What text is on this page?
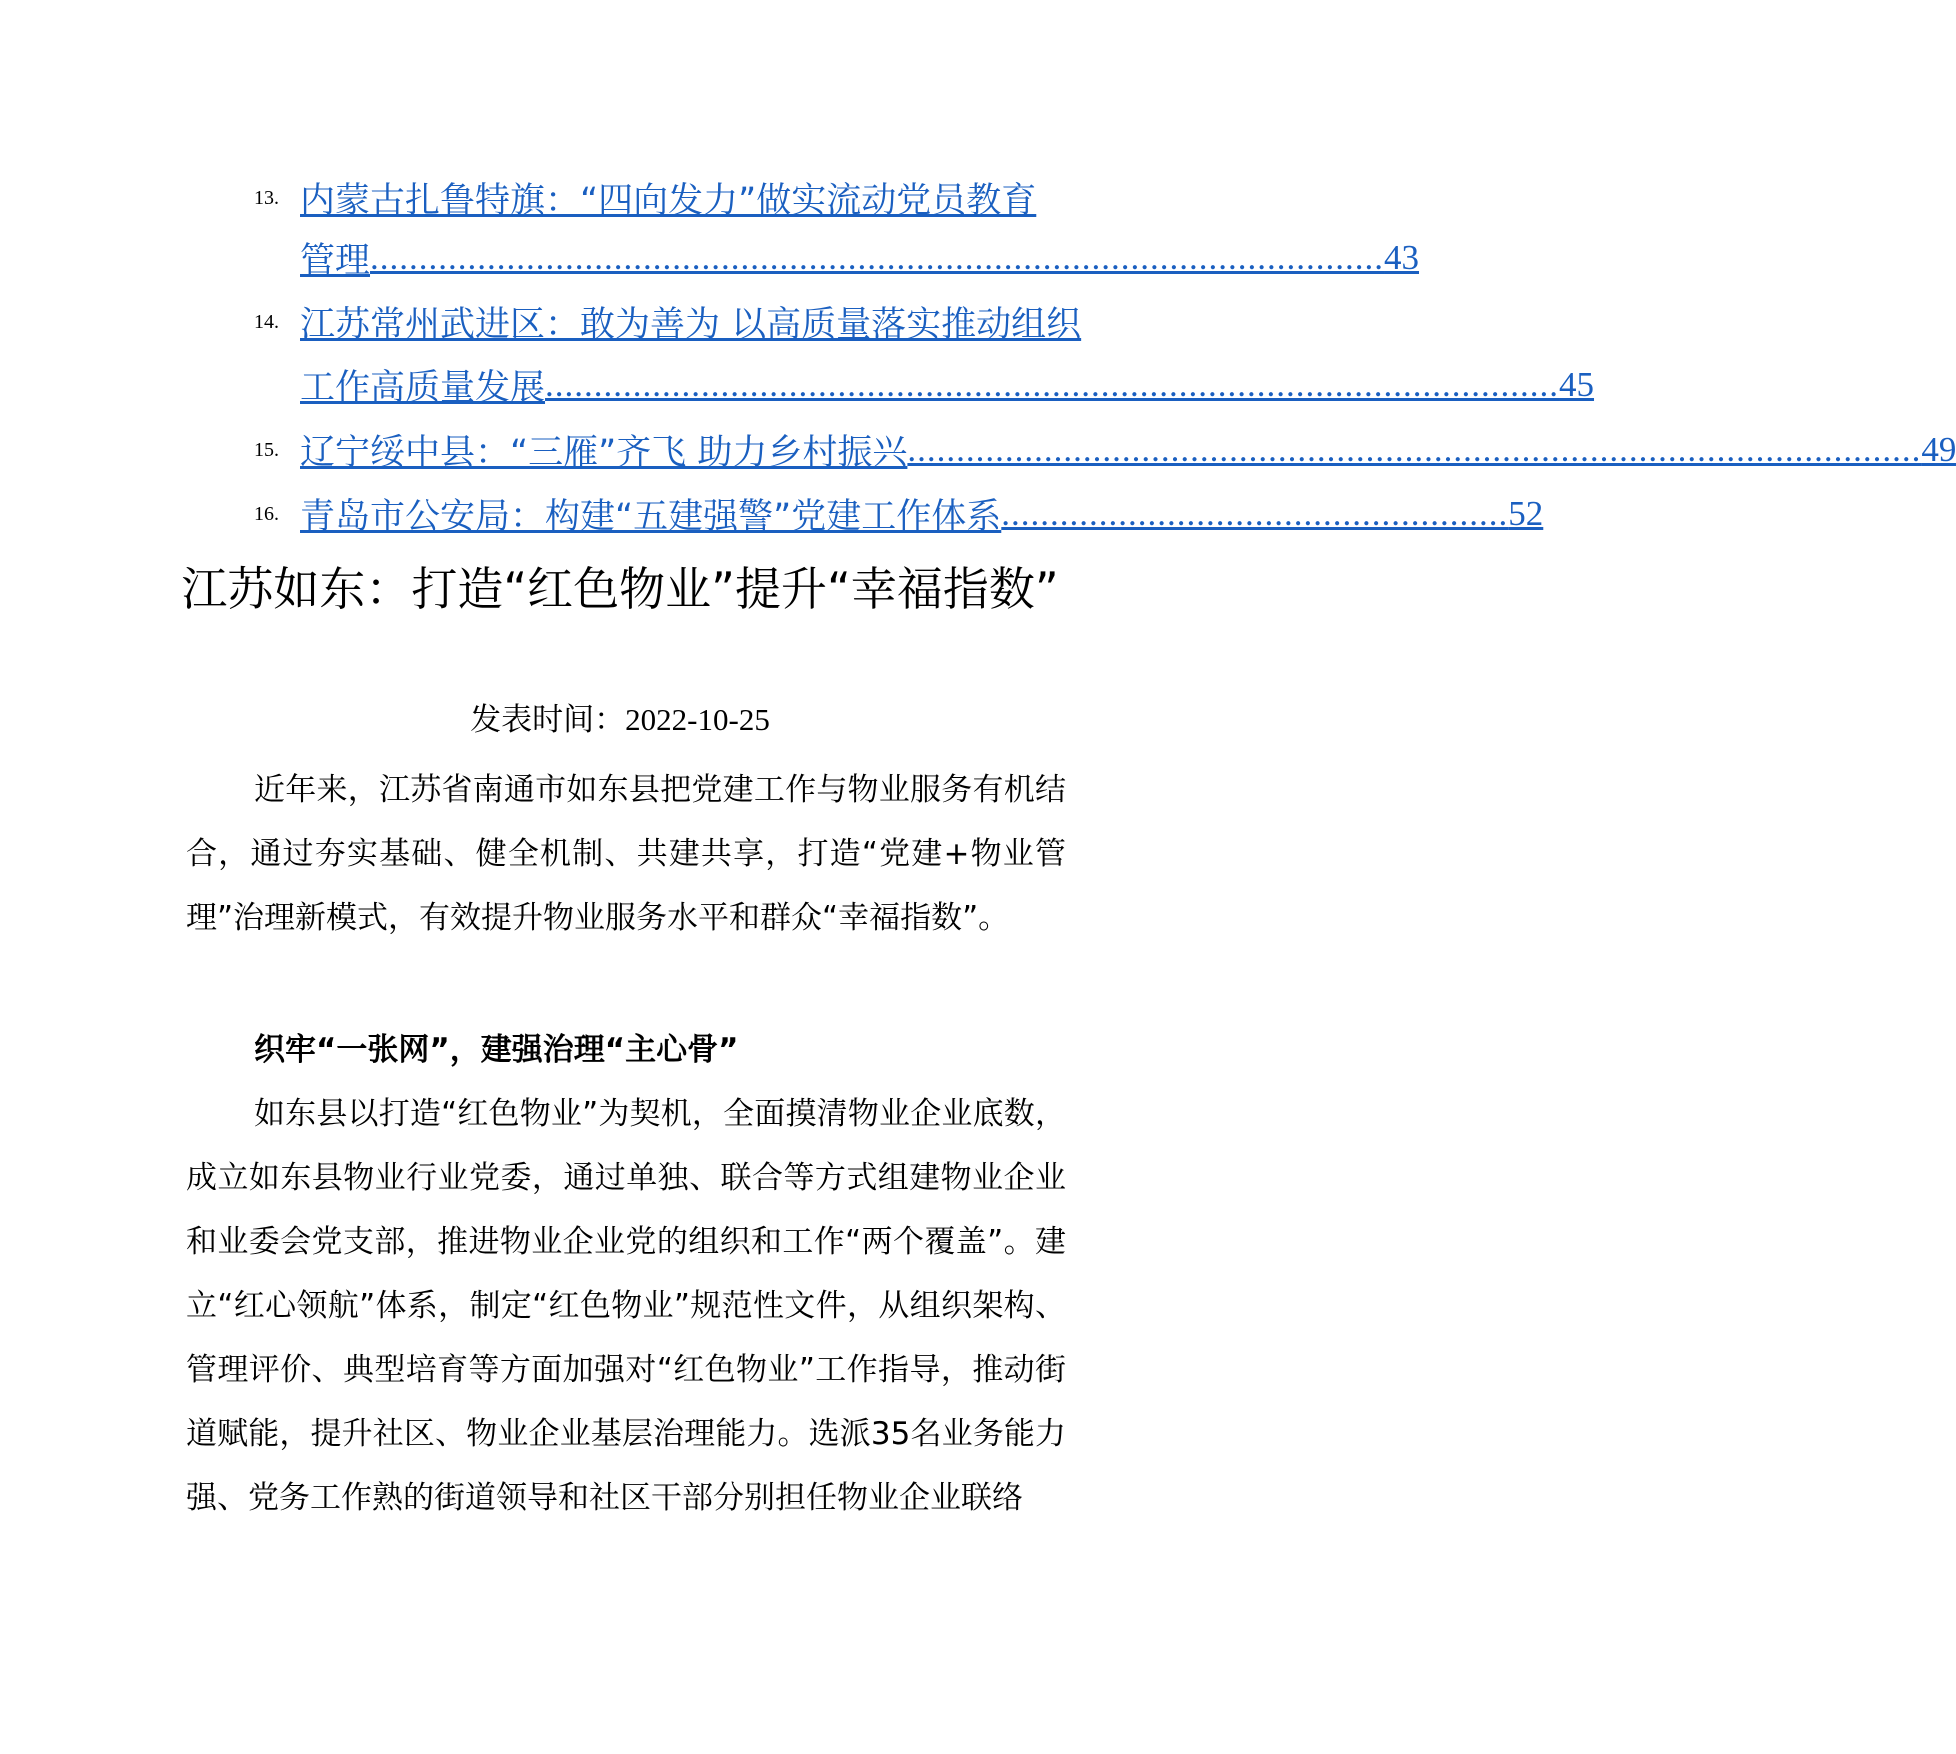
13. 内蒙古扎鲁特旗：“四向发力”做实流动党员教育
管理 ........................................................................................................ 43
14. 江苏常州武进区：敢为善为 以高质量落实推动组织
工作高质量发展 ........................................................................................................ 45
15. 辽宁绥中县：“三雁”齐飞 助力乡村振兴 ........................................................................................................ 49
16. 青岛市公安局：构建“五建强警”党建工作体系 .................................................... 52
江苏如东：打造“红色物业”提升“幸福指数”
发表时间：2022-10-25

近年来，江苏省南通市如东县把党建工作与物业服务有机结合，通过夯实基础、健全机制、共建共享，打造“党建+物业管理”治理新模式，有效提升物业服务水平和群众“幸福指数”。

织牢“一张网”，建强治理“主心骨”

如东县以打造“红色物业”为契机，全面摸清物业企业底数，成立如东县物业行业党委，通过单独、联合等方式组建物业企业和业委会党支部，推进物业企业党的组织和工作“两个覆盖”。建立“红心领航”体系，制定“红色物业”规范性文件，从组织架构、管理评价、典型培育等方面加强对“红色物业”工作指导，推动街道赋能，提升社区、物业企业基层治理能力。选派35名业务能力强、党务工作熟的街道领导和社区干部分别担任物业企业联络
